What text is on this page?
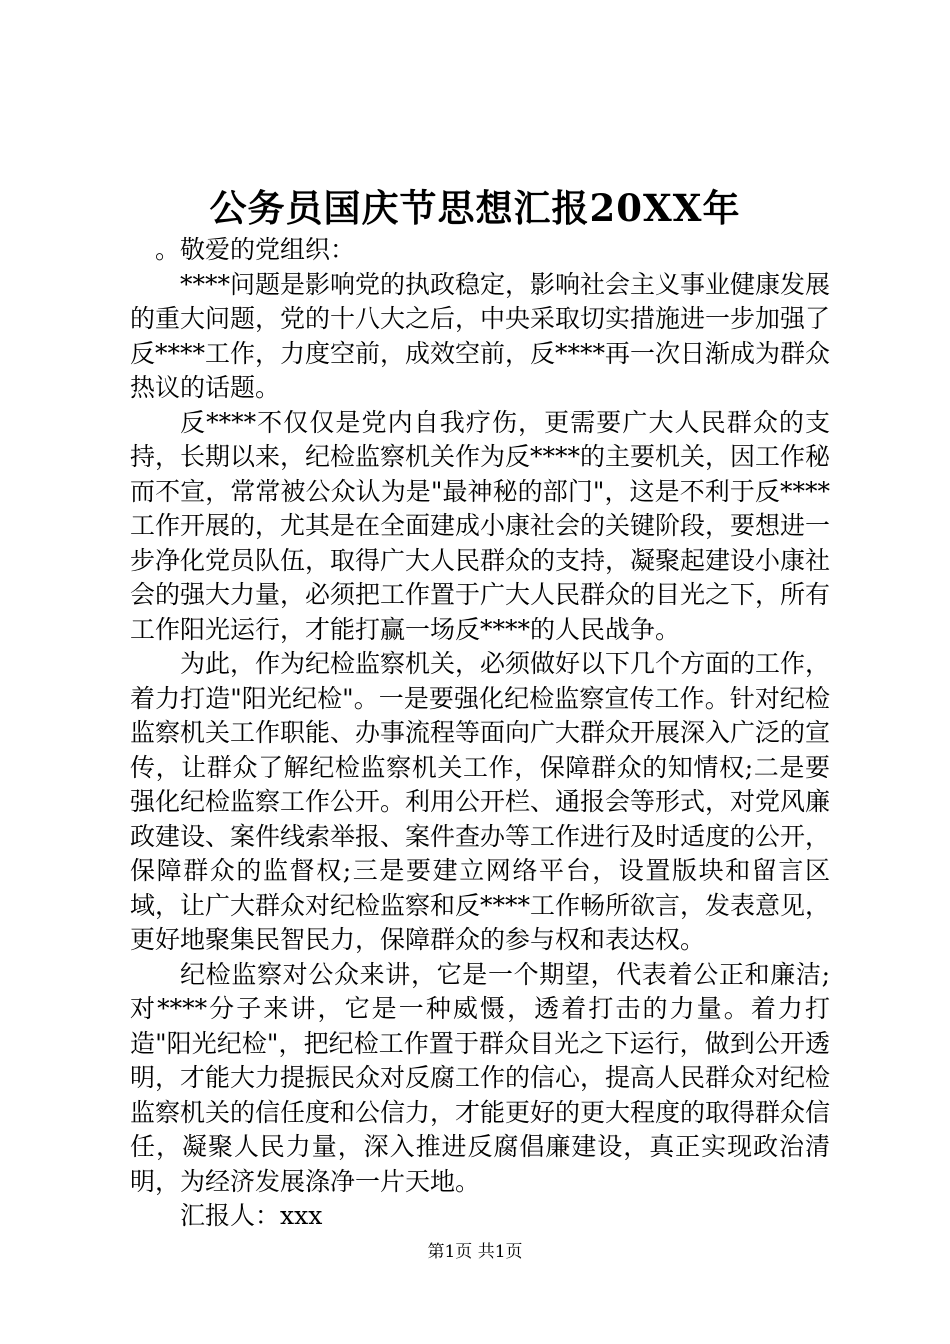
公务员国庆节思想汇报20XX年

。敬爱的党组织：

****问题是影响党的执政稳定，影响社会主义事业健康发展的重大问题，党的十八大之后，中央采取切实措施进一步加强了反****工作，力度空前，成效空前，反****再一次日渐成为群众热议的话题。

反****不仅仅是党内自我疗伤，更需要广大人民群众的支持，长期以来，纪检监察机关作为反****的主要机关，因工作秘而不宣，常常被公众认为是"最神秘的部门"，这是不利于反****工作开展的，尤其是在全面建成小康社会的关键阶段，要想进一步净化党员队伍，取得广大人民群众的支持，凝聚起建设小康社会的强大力量，必须把工作置于广大人民群众的目光之下，所有工作阳光运行，才能打赢一场反****的人民战争。

为此，作为纪检监察机关，必须做好以下几个方面的工作，着力打造"阳光纪检"。一是要强化纪检监察宣传工作。针对纪检监察机关工作职能、办事流程等面向广大群众开展深入广泛的宣传，让群众了解纪检监察机关工作，保障群众的知情权;二是要强化纪检监察工作公开。利用公开栏、通报会等形式，对党风廉政建设、案件线索举报、案件查办等工作进行及时适度的公开，保障群众的监督权;三是要建立网络平台，设置版块和留言区域，让广大群众对纪检监察和反****工作畅所欲言，发表意见，更好地聚集民智民力，保障群众的参与权和表达权。

纪检监察对公众来讲，它是一个期望，代表着公正和廉洁;对****分子来讲，它是一种威慑，透着打击的力量。着力打造"阳光纪检"，把纪检工作置于群众目光之下运行，做到公开透明，才能大力提振民众对反腐工作的信心，提高人民群众对纪检监察机关的信任度和公信力，才能更好的更大程度的取得群众信任，凝聚人民力量，深入推进反腐倡廉建设，真正实现政治清明，为经济发展涤净一片天地。

汇报人：xxx

第1页 共1页
